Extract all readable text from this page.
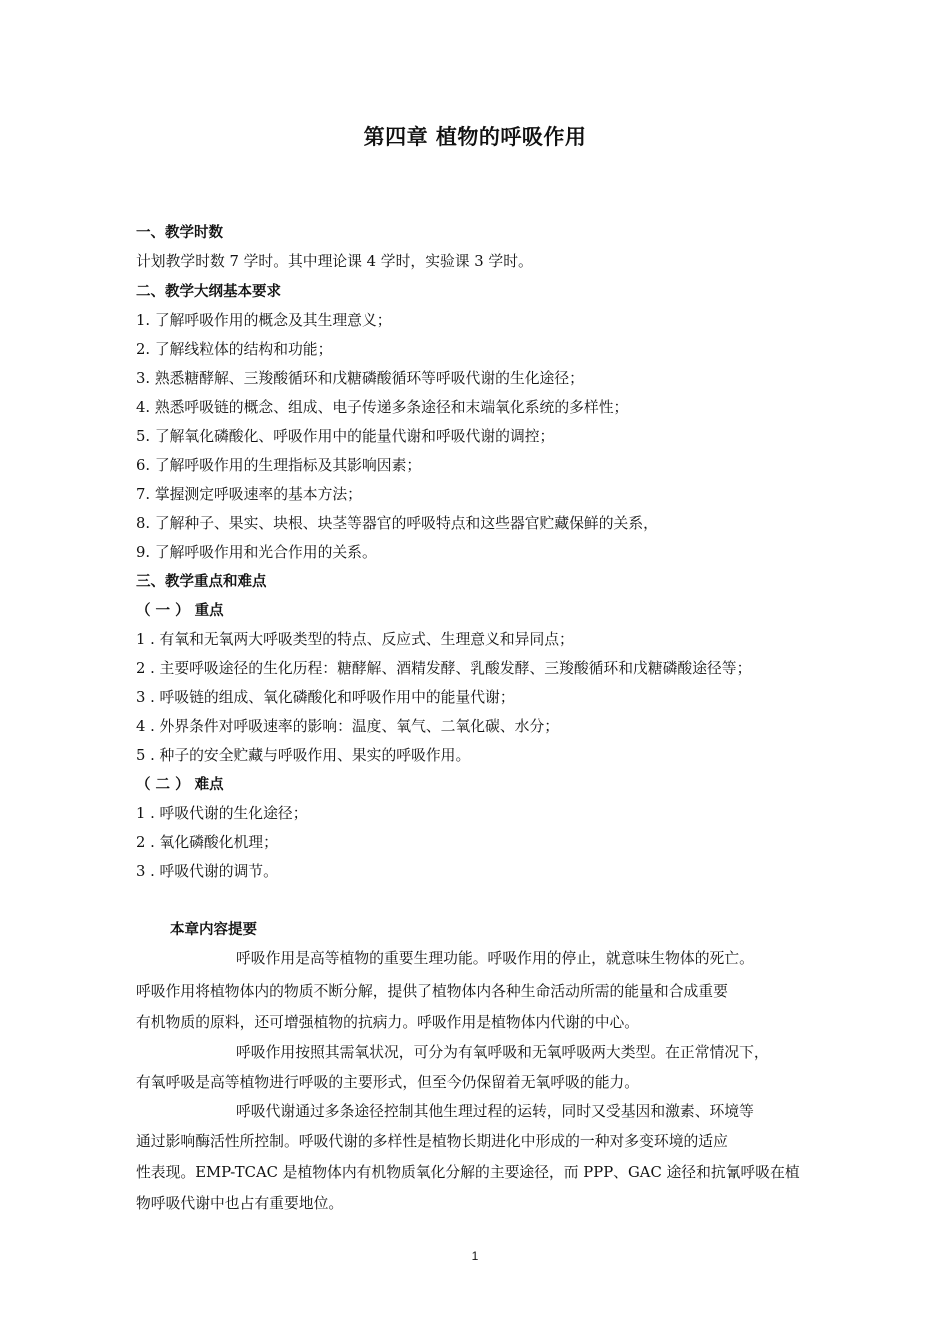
第四章 植物的呼吸作用
一、教学时数
计划教学时数 7 学时。其中理论课 4 学时，实验课 3 学时。
二、教学大纲基本要求
1. 了解呼吸作用的概念及其生理意义；
2. 了解线粒体的结构和功能；
3. 熟悉糖酵解、三羧酸循环和戊糖磷酸循环等呼吸代谢的生化途径；
4. 熟悉呼吸链的概念、组成、电子传递多条途径和末端氧化系统的多样性；
5. 了解氧化磷酸化、呼吸作用中的能量代谢和呼吸代谢的调控；
6. 了解呼吸作用的生理指标及其影响因素；
7. 掌握测定呼吸速率的基本方法；
8. 了解种子、果实、块根、块茎等器官的呼吸特点和这些器官贮藏保鲜的关系，
9. 了解呼吸作用和光合作用的关系。
三、教学重点和难点
（ 一 ） 重点
1 . 有氧和无氧两大呼吸类型的特点、反应式、生理意义和异同点；
2 . 主要呼吸途径的生化历程：糖酵解、酒精发酵、乳酸发酵、三羧酸循环和戊糖磷酸途径等；
3 . 呼吸链的组成、氧化磷酸化和呼吸作用中的能量代谢；
4 . 外界条件对呼吸速率的影响：温度、氧气、二氧化碳、水分；
5 . 种子的安全贮藏与呼吸作用、果实的呼吸作用。
（ 二 ） 难点
1 . 呼吸代谢的生化途径；
2 . 氧化磷酸化机理；
3 . 呼吸代谢的调节。
本章内容提要
呼吸作用是高等植物的重要生理功能。呼吸作用的停止，就意味生物体的死亡。
呼吸作用将植物体内的物质不断分解，提供了植物体内各种生命活动所需的能量和合成重要
有机物质的原料，还可增强植物的抗病力。呼吸作用是植物体内代谢的中心。
呼吸作用按照其需氧状况，可分为有氧呼吸和无氧呼吸两大类型。在正常情况下，
有氧呼吸是高等植物进行呼吸的主要形式，但至今仍保留着无氧呼吸的能力。
呼吸代谢通过多条途径控制其他生理过程的运转，同时又受基因和激素、环境等
通过影响酶活性所控制。呼吸代谢的多样性是植物长期进化中形成的一种对多变环境的适应
性表现。EMP-TCAC 是植物体内有机物质氧化分解的主要途径，而 PPP、GAC 途径和抗氰呼吸在植
物呼吸代谢中也占有重要地位。
1
